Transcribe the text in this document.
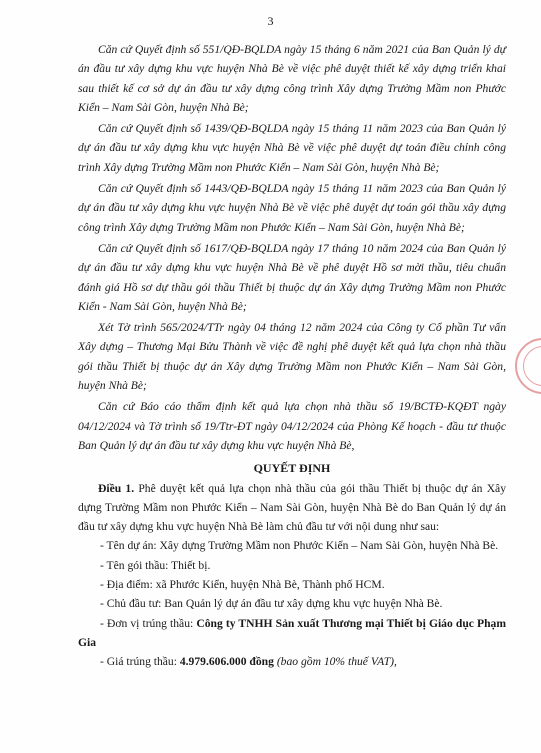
3

Căn cứ Quyết định số 551/QĐ-BQLDA ngày 15 tháng 6 năm 2021 của Ban Quản lý dự án đầu tư xây dựng khu vực huyện Nhà Bè về việc phê duyệt thiết kế xây dựng triển khai sau thiết kế cơ sở dự án đầu tư xây dựng công trình Xây dựng Trường Mầm non Phước Kiển – Nam Sài Gòn, huyện Nhà Bè;

Căn cứ Quyết định số 1439/QĐ-BQLDA ngày 15 tháng 11 năm 2023 của Ban Quản lý dự án đầu tư xây dựng khu vực huyện Nhà Bè về việc phê duyệt dự toán điều chỉnh công trình Xây dựng Trường Mầm non Phước Kiển – Nam Sài Gòn, huyện Nhà Bè;

Căn cứ Quyết định số 1443/QĐ-BQLDA ngày 15 tháng 11 năm 2023 của Ban Quản lý dự án đầu tư xây dựng khu vực huyện Nhà Bè về việc phê duyệt dự toán gói thầu xây dựng công trình Xây dựng Trường Mầm non Phước Kiển – Nam Sài Gòn, huyện Nhà Bè;

Căn cứ Quyết định số 1617/QĐ-BQLDA ngày 17 tháng 10 năm 2024 của Ban Quản lý dự án đầu tư xây dựng khu vực huyện Nhà Bè về phê duyệt Hồ sơ mời thầu, tiêu chuẩn đánh giá Hồ sơ dự thầu gói thầu Thiết bị thuộc dự án Xây dựng Trường Mầm non Phước Kiển - Nam Sài Gòn, huyện Nhà Bè;

Xét Tờ trình 565/2024/TTr ngày 04 tháng 12 năm 2024 của Công ty Cổ phần Tư vấn Xây dựng – Thương Mại Bửu Thành về việc đề nghị phê duyệt kết quả lựa chọn nhà thầu gói thầu Thiết bị thuộc dự án Xây dựng Trường Mầm non Phước Kiển – Nam Sài Gòn, huyện Nhà Bè;

Căn cứ Báo cáo thẩm định kết quả lựa chọn nhà thầu số 19/BCTĐ-KQĐT ngày 04/12/2024 và Tờ trình số 19/Ttr-ĐT ngày 04/12/2024 của Phòng Kế hoạch - đầu tư thuộc Ban Quản lý dự án đầu tư xây dựng khu vực huyện Nhà Bè,

QUYẾT ĐỊNH

Điều 1. Phê duyệt kết quả lựa chọn nhà thầu của gói thầu Thiết bị thuộc dự án Xây dựng Trường Mầm non Phước Kiển – Nam Sài Gòn, huyện Nhà Bè do Ban Quản lý dự án đầu tư xây dựng khu vực huyện Nhà Bè làm chủ đầu tư với nội dung như sau:

- Tên dự án: Xây dựng Trường Mầm non Phước Kiển – Nam Sài Gòn, huyện Nhà Bè.

- Tên gói thầu: Thiết bị.

- Địa điểm: xã Phước Kiển, huyện Nhà Bè, Thành phố HCM.

- Chủ đầu tư: Ban Quản lý dự án đầu tư xây dựng khu vực huyện Nhà Bè.

- Đơn vị trúng thầu: Công ty TNHH Sản xuất Thương mại Thiết bị Giáo dục Phạm Gia

- Giá trúng thầu: 4.979.606.000 đồng (bao gồm 10% thuế VAT),
